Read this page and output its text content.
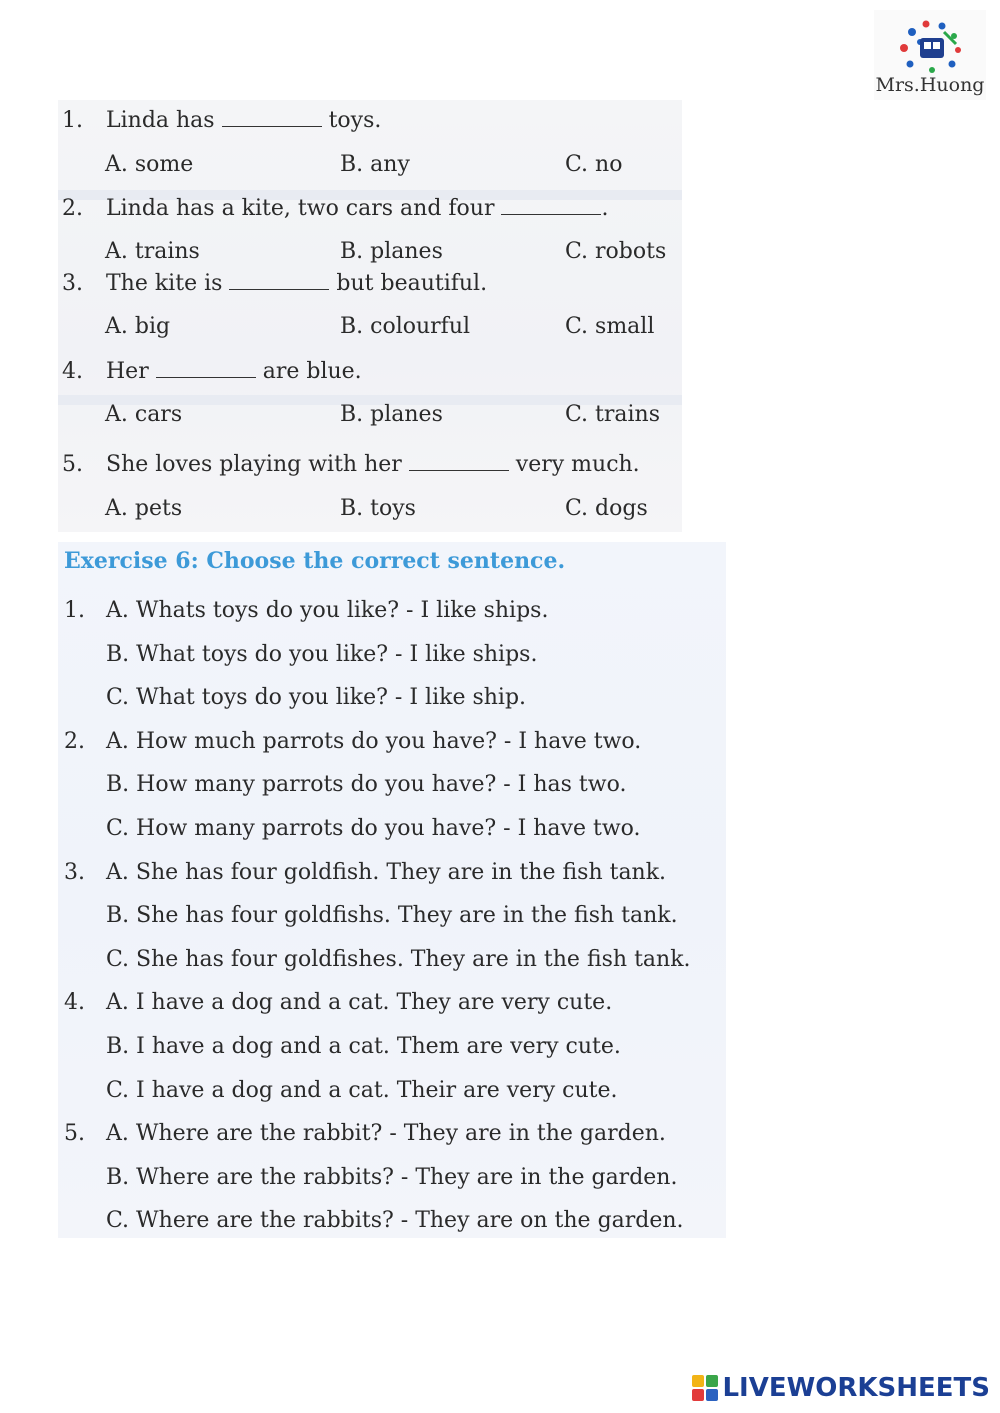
Mrs.Huong
1. Linda has	toys.
A. some	B. any	C. no
2. Linda has a kite, two cars and four	.
A. trains	B. planes	C. robots
3. The kite is	but beautiful.
A. big	B. colourful	C. small
4. Her	are blue.
A. cars	B. planes	C. trains
5. She loves playing with her	very much.
A. pets	B. toys	C. dogs
Exercise 6: Choose the correct sentence.
1. A. Whats toys do you like? - I like ships.
B. What toys do you like? - I like ships.
C. What toys do you like? - I like ship.
2. A. How much parrots do you have? - I have two.
B. How many parrots do you have? - I has two.
C. How many parrots do you have? - I have two.
3. A. She has four goldfish. They are in the fish tank.
B. She has four goldfishs. They are in the fish tank.
C. She has four goldfishes. They are in the fish tank.
4. A. I have a dog and a cat. They are very cute.
B. I have a dog and a cat. Them are very cute.
C. I have a dog and a cat. Their are very cute.
5. A. Where are the rabbit? - They are in the garden.
B. Where are the rabbits? - They are in the garden.
C. Where are the rabbits? - They are on the garden.
LIVEWORKSHEETS
